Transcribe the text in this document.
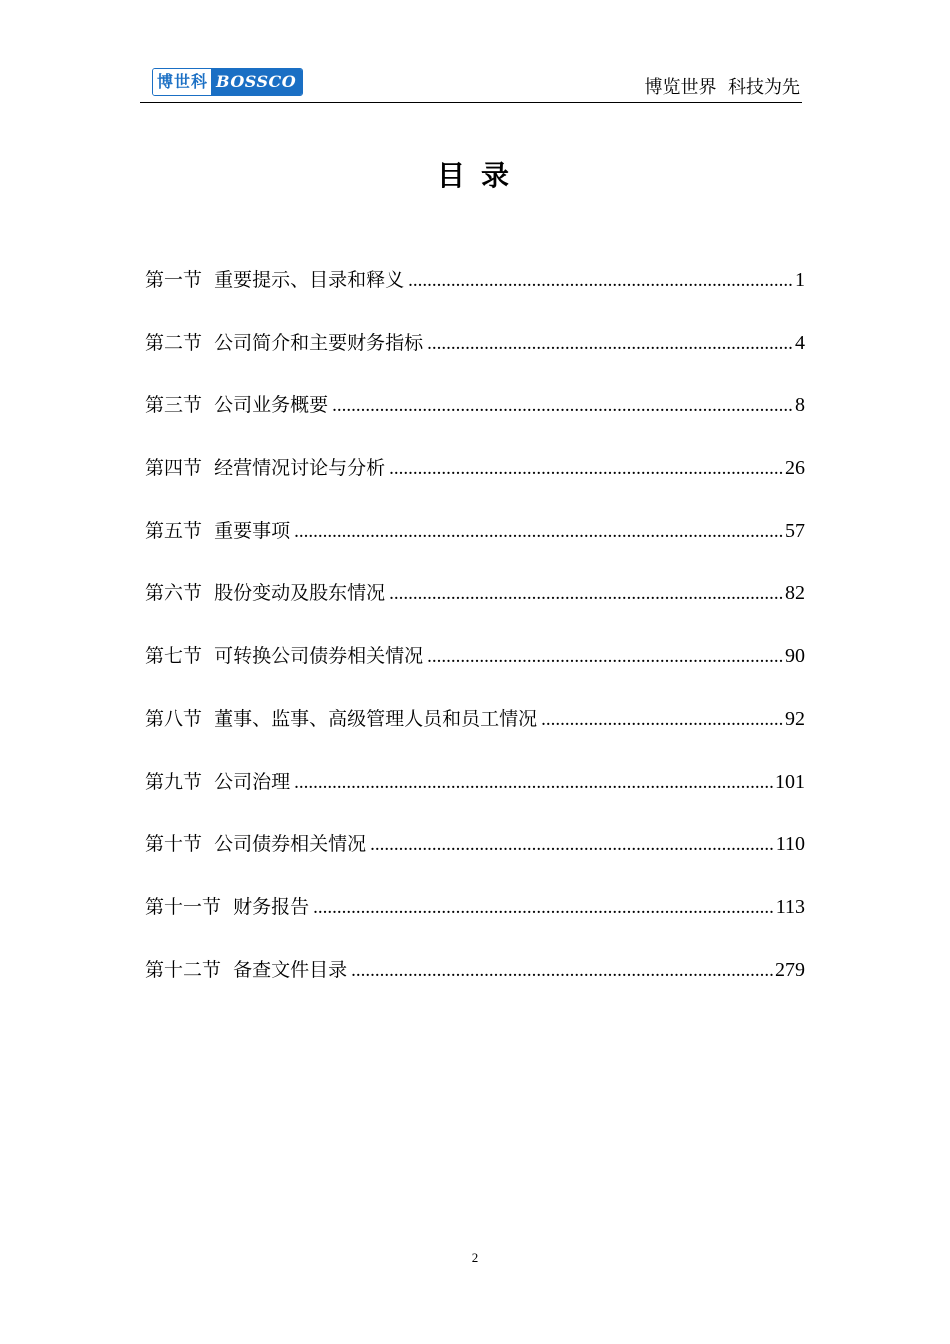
博世科 BOSSCO	博览世界  科技为先
目录
第一节  重要提示、目录和释义 .....	1
第二节  公司简介和主要财务指标 .....	4
第三节  公司业务概要 .....	8
第四节  经营情况讨论与分析 .....	26
第五节  重要事项 .....	57
第六节  股份变动及股东情况 .....	82
第七节  可转换公司债券相关情况 .....	90
第八节  董事、监事、高级管理人员和员工情况 .....	92
第九节  公司治理 .....	101
第十节  公司债券相关情况 .....	110
第十一节  财务报告 .....	113
第十二节  备查文件目录 .....	279
2
